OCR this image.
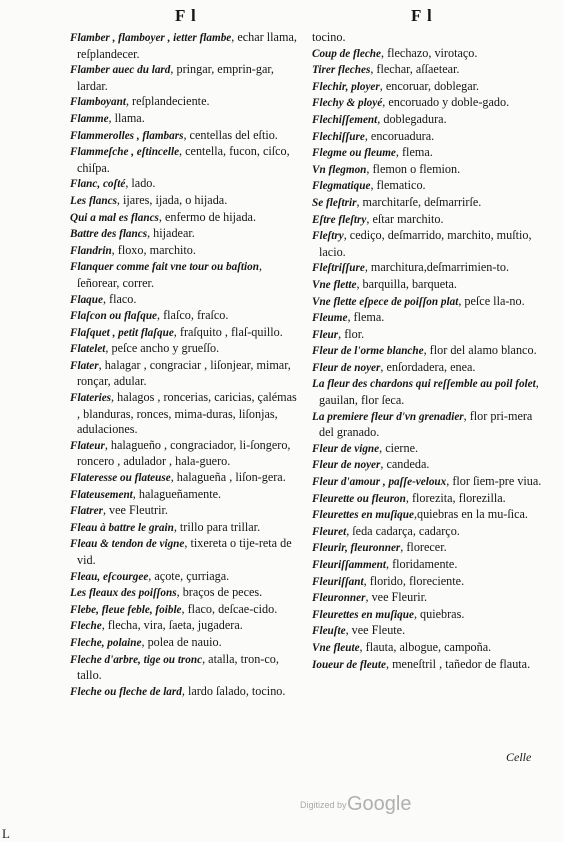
F l	F l

Flamber , flamboyer , ietter flambe, echar llama, reſplandecer.

Flamber auec du lard, pringar, emprin-gar, lardar.

Flamboyant, reſplandeciente.

Flamme, llama.

Flammerolles , flambars, centellas del eſtio.

Flammeſche , eſtincelle, centella, fucon, ciſco, chiſpa.

Flanc, coſté, lado.

Les flancs, ijares, ijada, o hijada.

Qui a mal es flancs, enfermo de hijada.

Battre des flancs, hijadear.

Flandrin, floxo, marchito.

Flanquer comme fait vne tour ou baſtion, ſeñorear, correr.

Flaque, flaco.

Flaſcon ou flaſque, flaſco, fraſco.

Flaſquet , petit flaſque, fraſquito , flaſ-quillo.

Flatelet, peſce ancho y grueſſo.

Flater, halagar , congraciar , liſonjear, mimar, ronçar, adular.

Flateries, halagos , roncerias, caricias, çalémas , blanduras, ronces, mima-duras, liſonjas, adulaciones.

Flateur, halagueño , congraciador, li-ſongero, roncero , adulador , hala-guero.

Flateresse ou flateuse, halagueña , liſon-gera.

Flateusement, halagueñamente.

Flatrer, vee Fleutrir.

Fleau à battre le grain, trillo para trillar.

Fleau & tendon de vigne, tixereta o tije-reta de vid.

Fleau, eſcourgee, açote, çurriaga.

Les fleaux des poiſſons, braços de peces.

Flebe, fleue feble, foible, flaco, deſcae-cido.

Fleche, flecha, vira, ſaeta, jugadera.

Fleche, polaine, polea de nauio.

Fleche d'arbre, tige ou tronc, atalla, tron-co, tallo.

Fleche ou fleche de lard, lardo ſalado, tocino.

tocino.

Coup de fleche, flechazo, virotaço.

Tirer fleches, flechar, aſſaetear.

Flechir, ployer, encoruar, doblegar.

Flechy & ployé, encoruado y doble-gado.

Flechiſſement, doblegadura.

Flechiſſure, encoruadura.

Flegme ou fleume, flema.

Vn flegmon, flemon o flemion.

Flegmatique, flematico.

Se fleſtrir, marchitarſe, deſmarrirſe.

Eſtre fleſtry, eſtar marchito.

Fleſtry, cediço, deſmarrido, marchito, muſtio, lacio.

Fleſtriſſure, marchitura,deſmarrimien-to.

Vne flette, barquilla, barqueta.

Vne flette eſpece de poiſſon plat, peſce lla-no.

Fleume, flema.

Fleur, flor.

Fleur de l'orme blanche, flor del alamo blanco.

Fleur de noyer, enſordadera, enea.

La fleur des chardons qui reſſemble au poil folet, gauilan, flor ſeca.

La premiere fleur d'vn grenadier, flor pri-mera del granado.

Fleur de vigne, cierne.

Fleur de noyer, candeda.

Fleur d'amour , paſſe-veloux, flor ſiem-pre viua.

Fleurette ou fleuron, florezita, florezilla.

Fleurettes en muſique,quiebras en la mu-ſica.

Fleuret, ſeda cadarça, cadarço.

Fleurir, fleuronner, florecer.

Fleuriſſamment, floridamente.

Fleuriſſant, florido, floreciente.

Fleuronner, vee Fleurir.

Fleurettes en muſique, quiebras.

Fleuſte, vee Fleute.

Vne fleute, flauta, albogue, campoña.

Ioueur de fleute, meneſtril , tañedor de flauta.

Celle
Digitized by Google
L
